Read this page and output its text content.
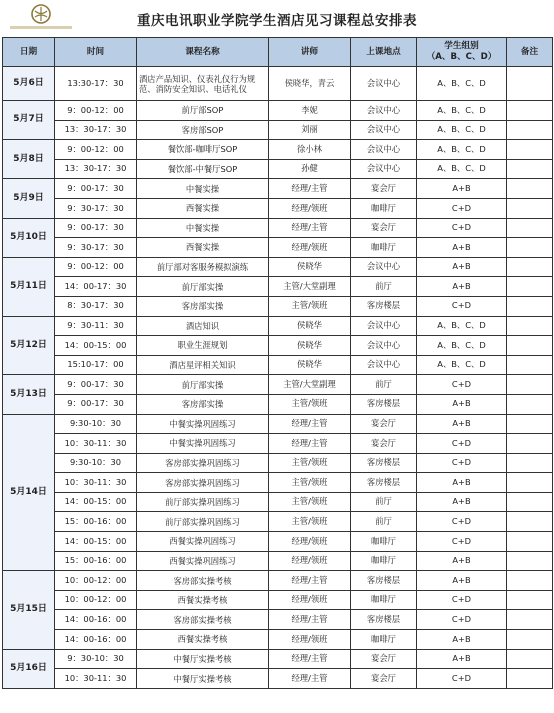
重庆电讯职业学院学生酒店见习课程总安排表
日期	时间	课程名称	讲师	上课地点	学生组别
（A、B、C、D）	备注
5月6日	13:30-17：30	酒店产品知识、仪表礼仪行为规范、消防安全知识、电话礼仪	侯晓华，青云	会议中心	A、B、C、D	
5月7日	9：00-12：00	前厅部SOP	李妮	会议中心	A、B、C、D	
	13：30-17：30	客房部SOP	刘丽	会议中心	A、B、C、D	
5月8日	9：00-12：00	餐饮部-咖啡厅SOP	徐小林	会议中心	A、B、C、D	
	13：30-17：30	餐饮部-中餐厅SOP	孙健	会议中心	A、B、C、D	
5月9日	9：00-17：30	中餐实操	经理/主管	宴会厅	A+B	
	9：30-17：30	西餐实操	经理/领班	咖啡厅	C+D	
5月10日	9：00-17：30	中餐实操	经理/主管	宴会厅	C+D	
	9：30-17：30	西餐实操	经理/领班	咖啡厅	A+B	
5月11日	9：00-12：00	前厅部对客服务模拟演练	侯晓华	会议中心	A+B	
	14：00-17：30	前厅部实操	主管/大堂副理	前厅	A+B	
	8：30-17：30	客房部实操	主管/领班	客房楼层	C+D	
5月12日	9：30-11：30	酒店知识	侯晓华	会议中心	A、B、C、D	
	14：00-15：00	职业生涯规划	侯晓华	会议中心	A、B、C、D	
	15:10-17：00	酒店星评相关知识	侯晓华	会议中心	A、B、C、D	
5月13日	9：00-17：30	前厅部实操	主管/大堂副理	前厅	C+D	
	9：00-17：30	客房部实操	主管/领班	客房楼层	A+B	
5月14日	9:30-10：30	中餐实操巩固练习	经理/主管	宴会厅	A+B	
	10：30-11：30	中餐实操巩固练习	经理/主管	宴会厅	C+D	
	9:30-10：30	客房部实操巩固练习	主管/领班	客房楼层	C+D	
	10：30-11：30	客房部实操巩固练习	主管/领班	客房楼层	A+B	
	14：00-15：00	前厅部实操巩固练习	主管/领班	前厅	A+B	
	15：00-16：00	前厅部实操巩固练习	主管/领班	前厅	C+D	
	14：00-15：00	西餐实操巩固练习	经理/领班	咖啡厅	C+D	
	15：00-16：00	西餐实操巩固练习	经理/领班	咖啡厅	A+B	
5月15日	10：00-12：00	客房部实操考核	经理/主管	客房楼层	A+B	
	10：00-12：00	西餐实操考核	经理/领班	咖啡厅	C+D	
	14：00-16：00	客房部实操考核	经理/主管	客房楼层	C+D	
	14：00-16：00	西餐实操考核	经理/领班	咖啡厅	A+B	
5月16日	9：30-10：30	中餐厅实操考核	经理/主管	宴会厅	A+B	
	10：30-11：30	中餐厅实操考核	经理/主管	宴会厅	C+D	
